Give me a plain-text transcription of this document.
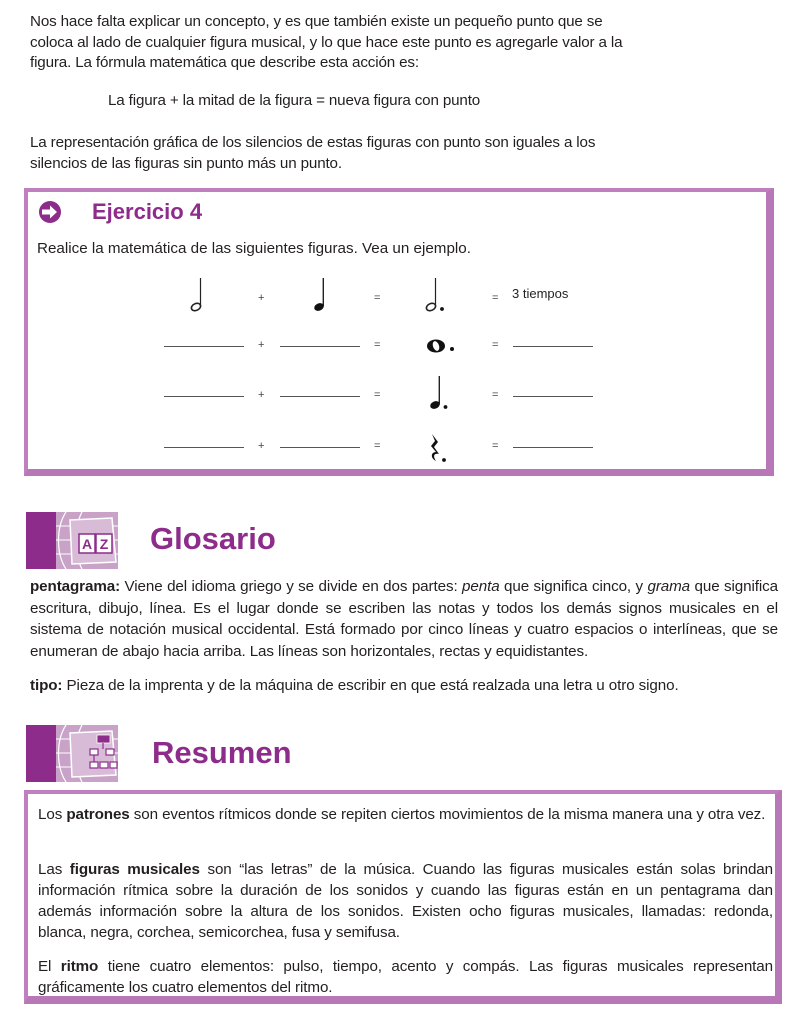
Nos hace falta explicar un concepto, y es que también existe un pequeño punto que se coloca al lado de cualquier figura musical, y lo que hace este punto es agregarle valor a la figura. La fórmula matemática que describe esta acción es:
La figura + la mitad de la figura = nueva figura con punto
La representación gráfica de los silencios de estas figuras con punto son iguales a los silencios de las figuras sin punto más un punto.
Ejercicio 4
Realice la matemática de las siguientes figuras. Vea un ejemplo.
+	=	= 3 tiempos
+	=	=
+	=	=
+	=	=
A Z Glosario
pentagrama: Viene del idioma griego y se divide en dos partes: penta que significa cinco, y grama que significa escritura, dibujo, línea. Es el lugar donde se escriben las notas y todos los demás signos musicales en el sistema de notación musical occidental. Está formado por cinco líneas y cuatro espacios o interlíneas, que se enumeran de abajo hacia arriba. Las líneas son horizontales, rectas y equidistantes.
tipo: Pieza de la imprenta y de la máquina de escribir en que está realzada una letra u otro signo.
Resumen
Los patrones son eventos rítmicos donde se repiten ciertos movimientos de la misma manera una y otra vez.
Las figuras musicales son “las letras” de la música. Cuando las figuras musicales están solas brindan información rítmica sobre la duración de los sonidos y cuando las figuras están en un pentagrama dan además información sobre la altura de los sonidos. Existen ocho figuras musicales, llamadas: redonda, blanca, negra, corchea, semicorchea, fusa y semifusa.
El ritmo tiene cuatro elementos: pulso, tiempo, acento y compás. Las figuras musicales representan gráficamente los cuatro elementos del ritmo.
